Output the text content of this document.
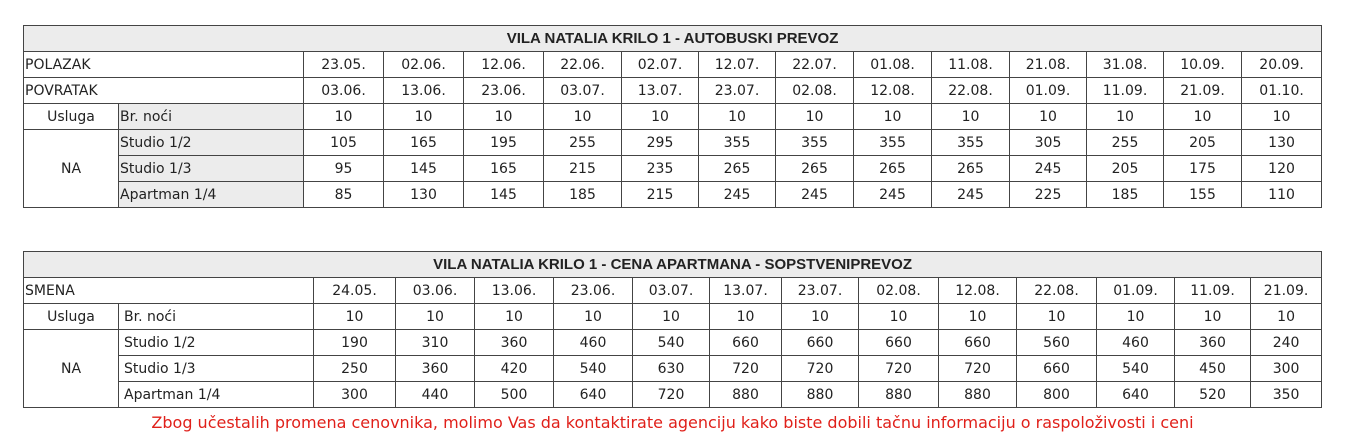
VILA NATALIA KRILO 1 - AUTOBUSKI PREVOZ														
POLAZAK		23.05.	02.06.	12.06.	22.06.	02.07.	12.07.	22.07.	01.08.	11.08.	21.08.	31.08.	10.09.	20.09.
POVRATAK		03.06.	13.06.	23.06.	03.07.	13.07.	23.07.	02.08.	12.08.	22.08.	01.09.	11.09.	21.09.	01.10.
Usluga	Br. noći	10	10	10	10	10	10	10	10	10	10	10	10	10
NA	Studio 1/2	105	165	195	255	295	355	355	355	355	305	255	205	130
	Studio 1/3	95	145	165	215	235	265	265	265	265	245	205	175	120
	Apartman 1/4	85	130	145	185	215	245	245	245	245	225	185	155	110
VILA NATALIA KRILO 1 - CENA APARTMANA - SOPSTVENIPREVOZ														
SMENA		24.05.	03.06.	13.06.	23.06.	03.07.	13.07.	23.07.	02.08.	12.08.	22.08.	01.09.	11.09.	21.09.
Usluga	Br. noći	10	10	10	10	10	10	10	10	10	10	10	10	10
NA	Studio 1/2	190	310	360	460	540	660	660	660	660	560	460	360	240
	Studio 1/3	250	360	420	540	630	720	720	720	720	660	540	450	300
	Apartman 1/4	300	440	500	640	720	880	880	880	880	800	640	520	350
Zbog učestalih promena cenovnika, molimo Vas da kontaktirate agenciju kako biste dobili tačnu informaciju o raspoloživosti i ceni
